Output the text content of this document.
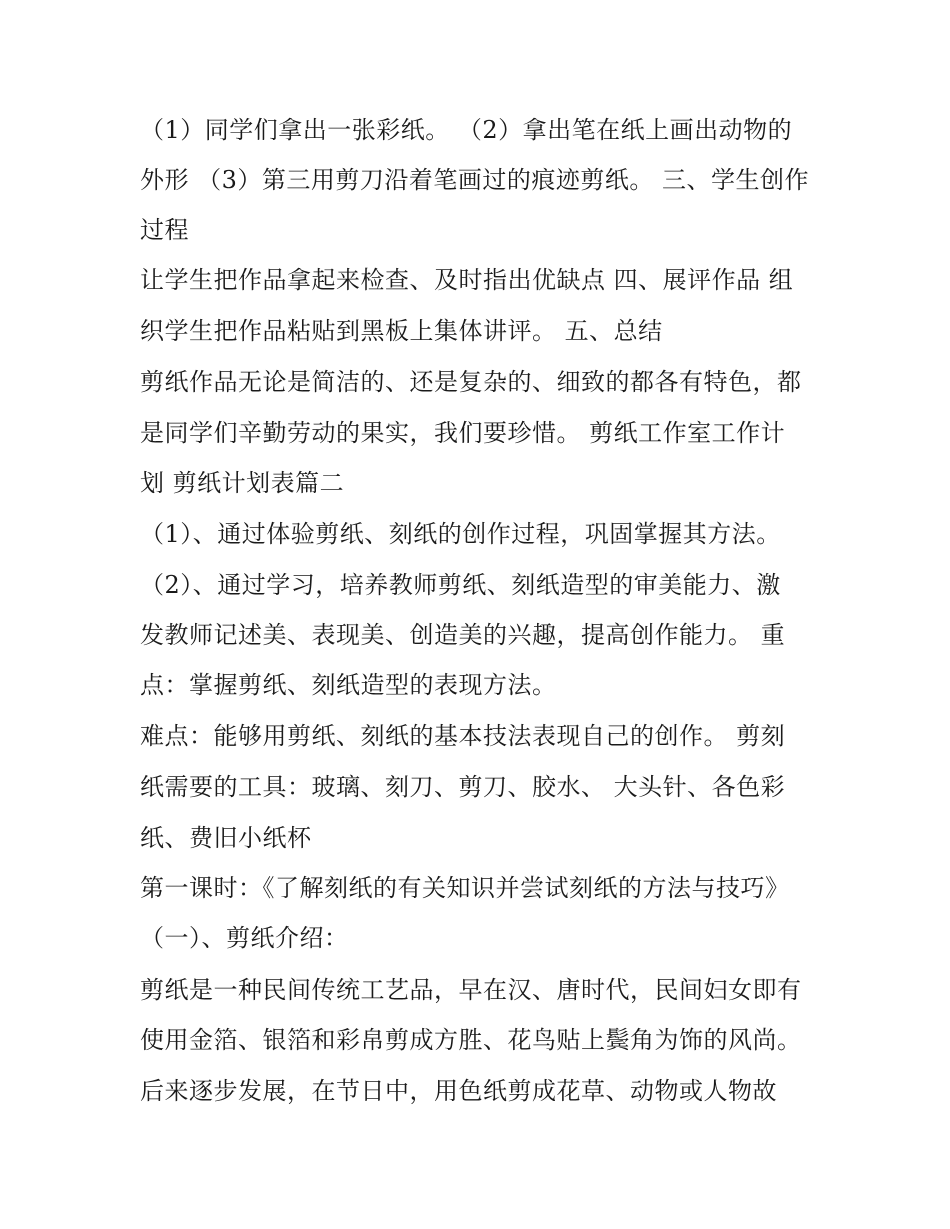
（1）同学们拿出一张彩纸。 （2）拿出笔在纸上画出动物的
外形 （3）第三用剪刀沿着笔画过的痕迹剪纸。 三、学生创作
过程
让学生把作品拿起来检查、及时指出优缺点 四、展评作品 组
织学生把作品粘贴到黑板上集体讲评。 五、总结
剪纸作品无论是简洁的、还是复杂的、细致的都各有特色，都
是同学们辛勤劳动的果实，我们要珍惜。 剪纸工作室工作计
划 剪纸计划表篇二
（1）、通过体验剪纸、刻纸的创作过程，巩固掌握其方法。
（2）、通过学习，培养教师剪纸、刻纸造型的审美能力、激
发教师记述美、表现美、创造美的兴趣，提高创作能力。 重
点：掌握剪纸、刻纸造型的表现方法。
难点：能够用剪纸、刻纸的基本技法表现自己的创作。 剪刻
纸需要的工具：玻璃、刻刀、剪刀、胶水、 大头针、各色彩
纸、费旧小纸杯
第一课时：《了解刻纸的有关知识并尝试刻纸的方法与技巧》
（一）、剪纸介绍：
剪纸是一种民间传统工艺品，早在汉、唐时代，民间妇女即有
使用金箔、银箔和彩帛剪成方胜、花鸟贴上鬓角为饰的风尚。
后来逐步发展，在节日中，用色纸剪成花草、动物或人物故
